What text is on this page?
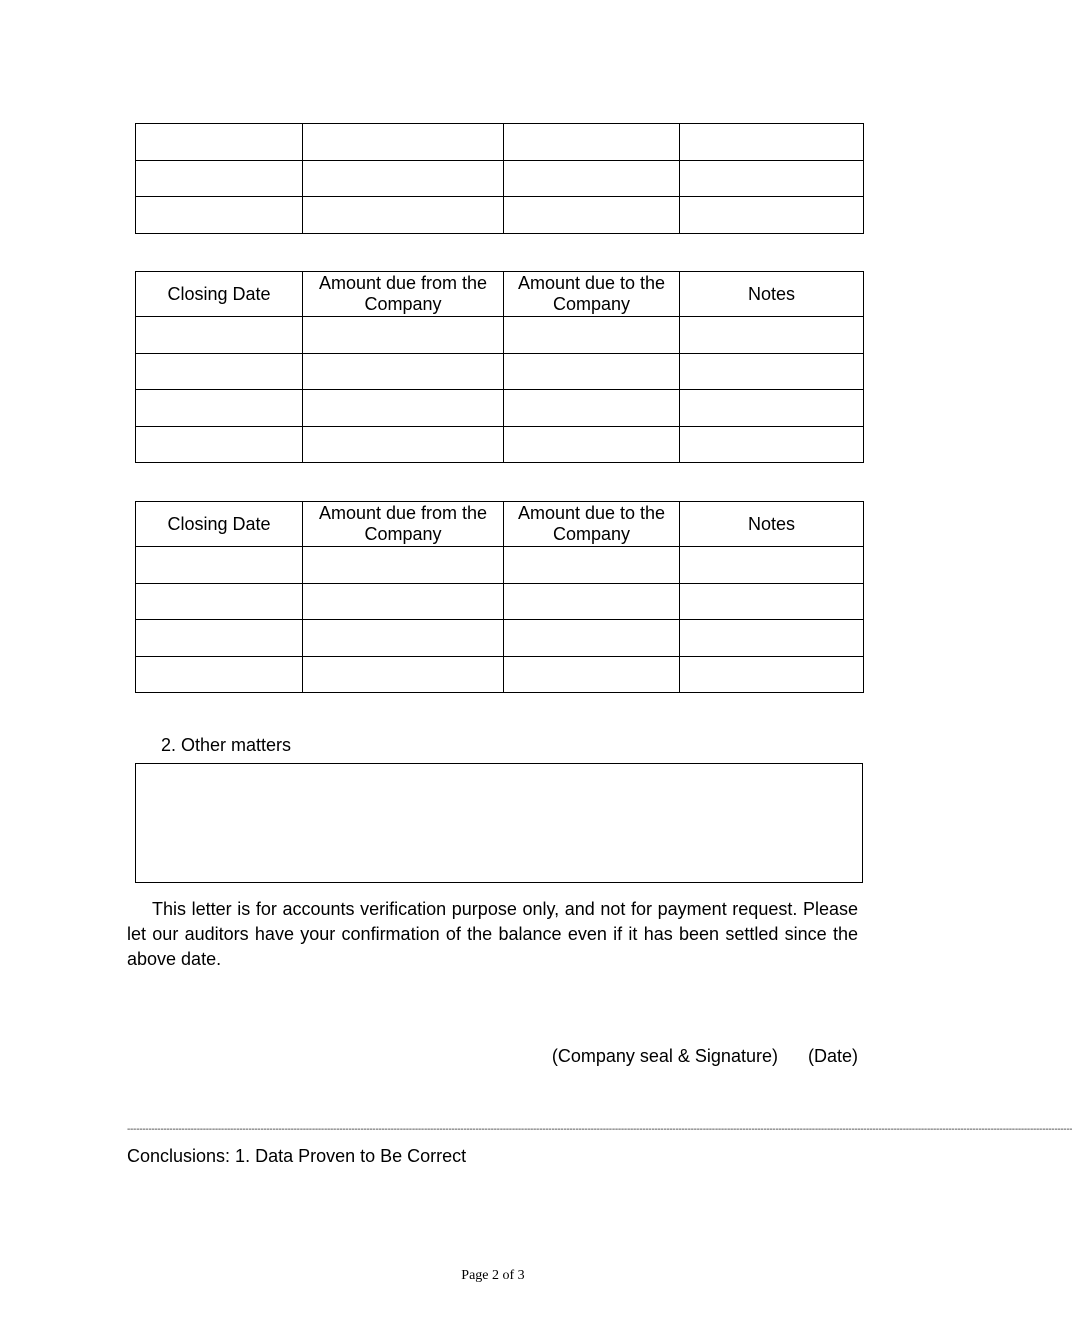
Closing Date	Amount due from the Company	Amount due to the Company	Notes

Closing Date	Amount due from the Company	Amount due to the Company	Notes

2. Other matters
This letter is for accounts verification purpose only, and not for payment request. Please let our auditors have your confirmation of the balance even if it has been settled since the above date.
(Company seal & Signature) (Date)
------------------------------------------------------------------------------------------------------------------------------------------------------------------------------------------------------------------------------------------------------------------------------------------------------------------------
Conclusions: 1. Data Proven to Be Correct
Page 2 of 3
